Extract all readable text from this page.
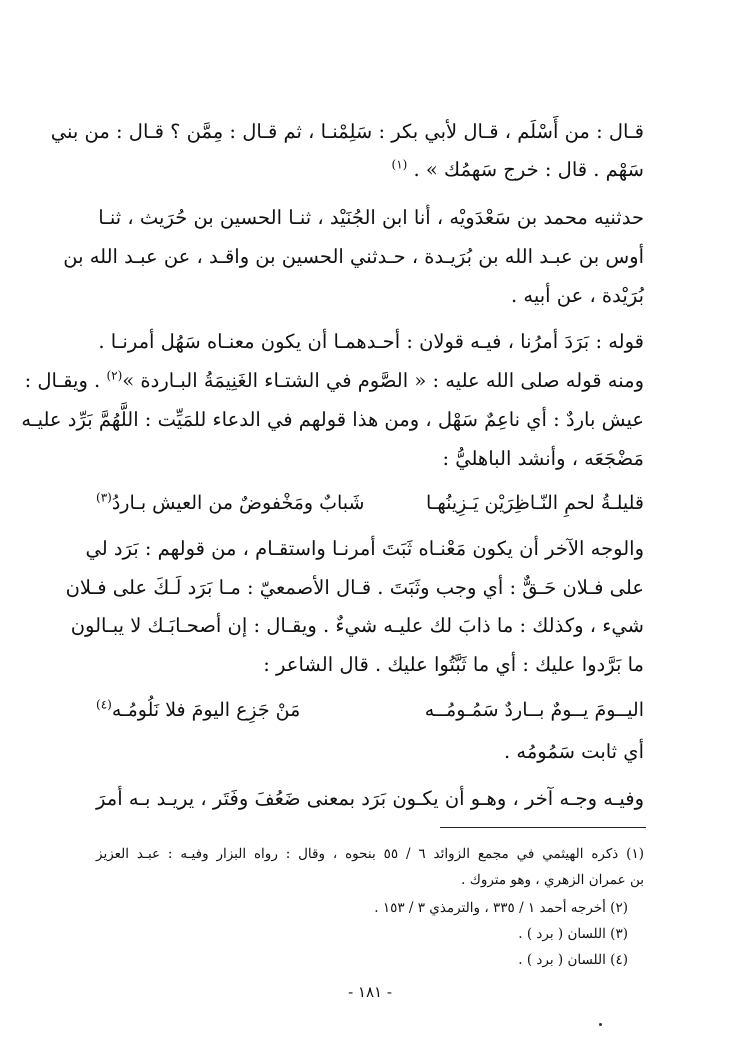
قـال : من أَسْلَم ، قـال لأبي بكر : سَلِمْنـا ، ثم قـال : مِمَّن ؟ قـال : من بني

سَهْم . قال : خرج سَهمُك » . $^{(١)}$

حدثنيه محمد بن سَعْدَويْه ، أنا ابن الجُنَيْد ، ثنـا الحسين بن حُرَيث ، ثنـا

أوس بن عبـد الله بن بُرَيـدة ، حـدثني الحسين بن واقـد ، عن عبـد الله بن

بُرَيْدة ، عن أبيه .

قوله : بَرَدَ أمرُنا ، فيـه قولان : أحـدهمـا أن يكون معنـاه سَهُل أمرنـا .

ومنه قوله صلى الله عليه : « الصَّوم في الشتـاء الغَنِيمَةُ البـاردة »$^{(٢)}$ . ويقـال :

عيش باردٌ : أي ناعِمٌ سَهْل ، ومن هذا قولهم في الدعاء للمَيِّت : اللَّهُمَّ بَرِّد عليـه

مَضْجَعَه ، وأنشد الباهليُّ :

قليلـةُ لحمِ النّـاظِرَيْن يَـزِينُهـا
شَبابٌ ومَخْفوضٌ من العيش بـاردُ$^{(٣)}$

والوجه الآخر أن يكون مَعْنـاه ثَبَتَ أمرنـا واستقـام ، من قولهم : بَرَد لي

على فـلان حَـقٌّ : أي وجب وثَبَتَ . قـال الأصمعيّ : مـا بَرَد لَـكَ على فـلان

شيء ، وكذلك : ما ذابَ لك عليـه شيءٌ . ويقـال : إن أصحـابَـك لا يبـالون

ما بَرَّدوا عليك : أي ما ثَبَّتُوا عليك . قال الشاعر :

اليــومَ يــومٌ بــاردٌ سَمُـومُــه
مَنْ جَزِع اليومَ فلا نَلُومُـه$^{(٤)}$

أي ثابت سَمُومُه .

وفيـه وجـه آخر ، وهـو أن يكـون بَرَد بمعنى ضَعُفَ وفَتَر ، يريـد بـه أمرَ

(١) ذكره الهيثمي في مجمع الزوائد ٦ / ٥٥ بنحوه ، وقال : رواه البزار وفيـه : عبـد العزيز

بن عمران الزهري ، وهو متروك .

(٢) أخرجه أحمد ١ / ٣٣٥ ، والترمذي ٣ / ١٥٣ .

(٣) اللسان ( برد ) .

(٤) اللسان ( برد ) .

- ١٨١ -
